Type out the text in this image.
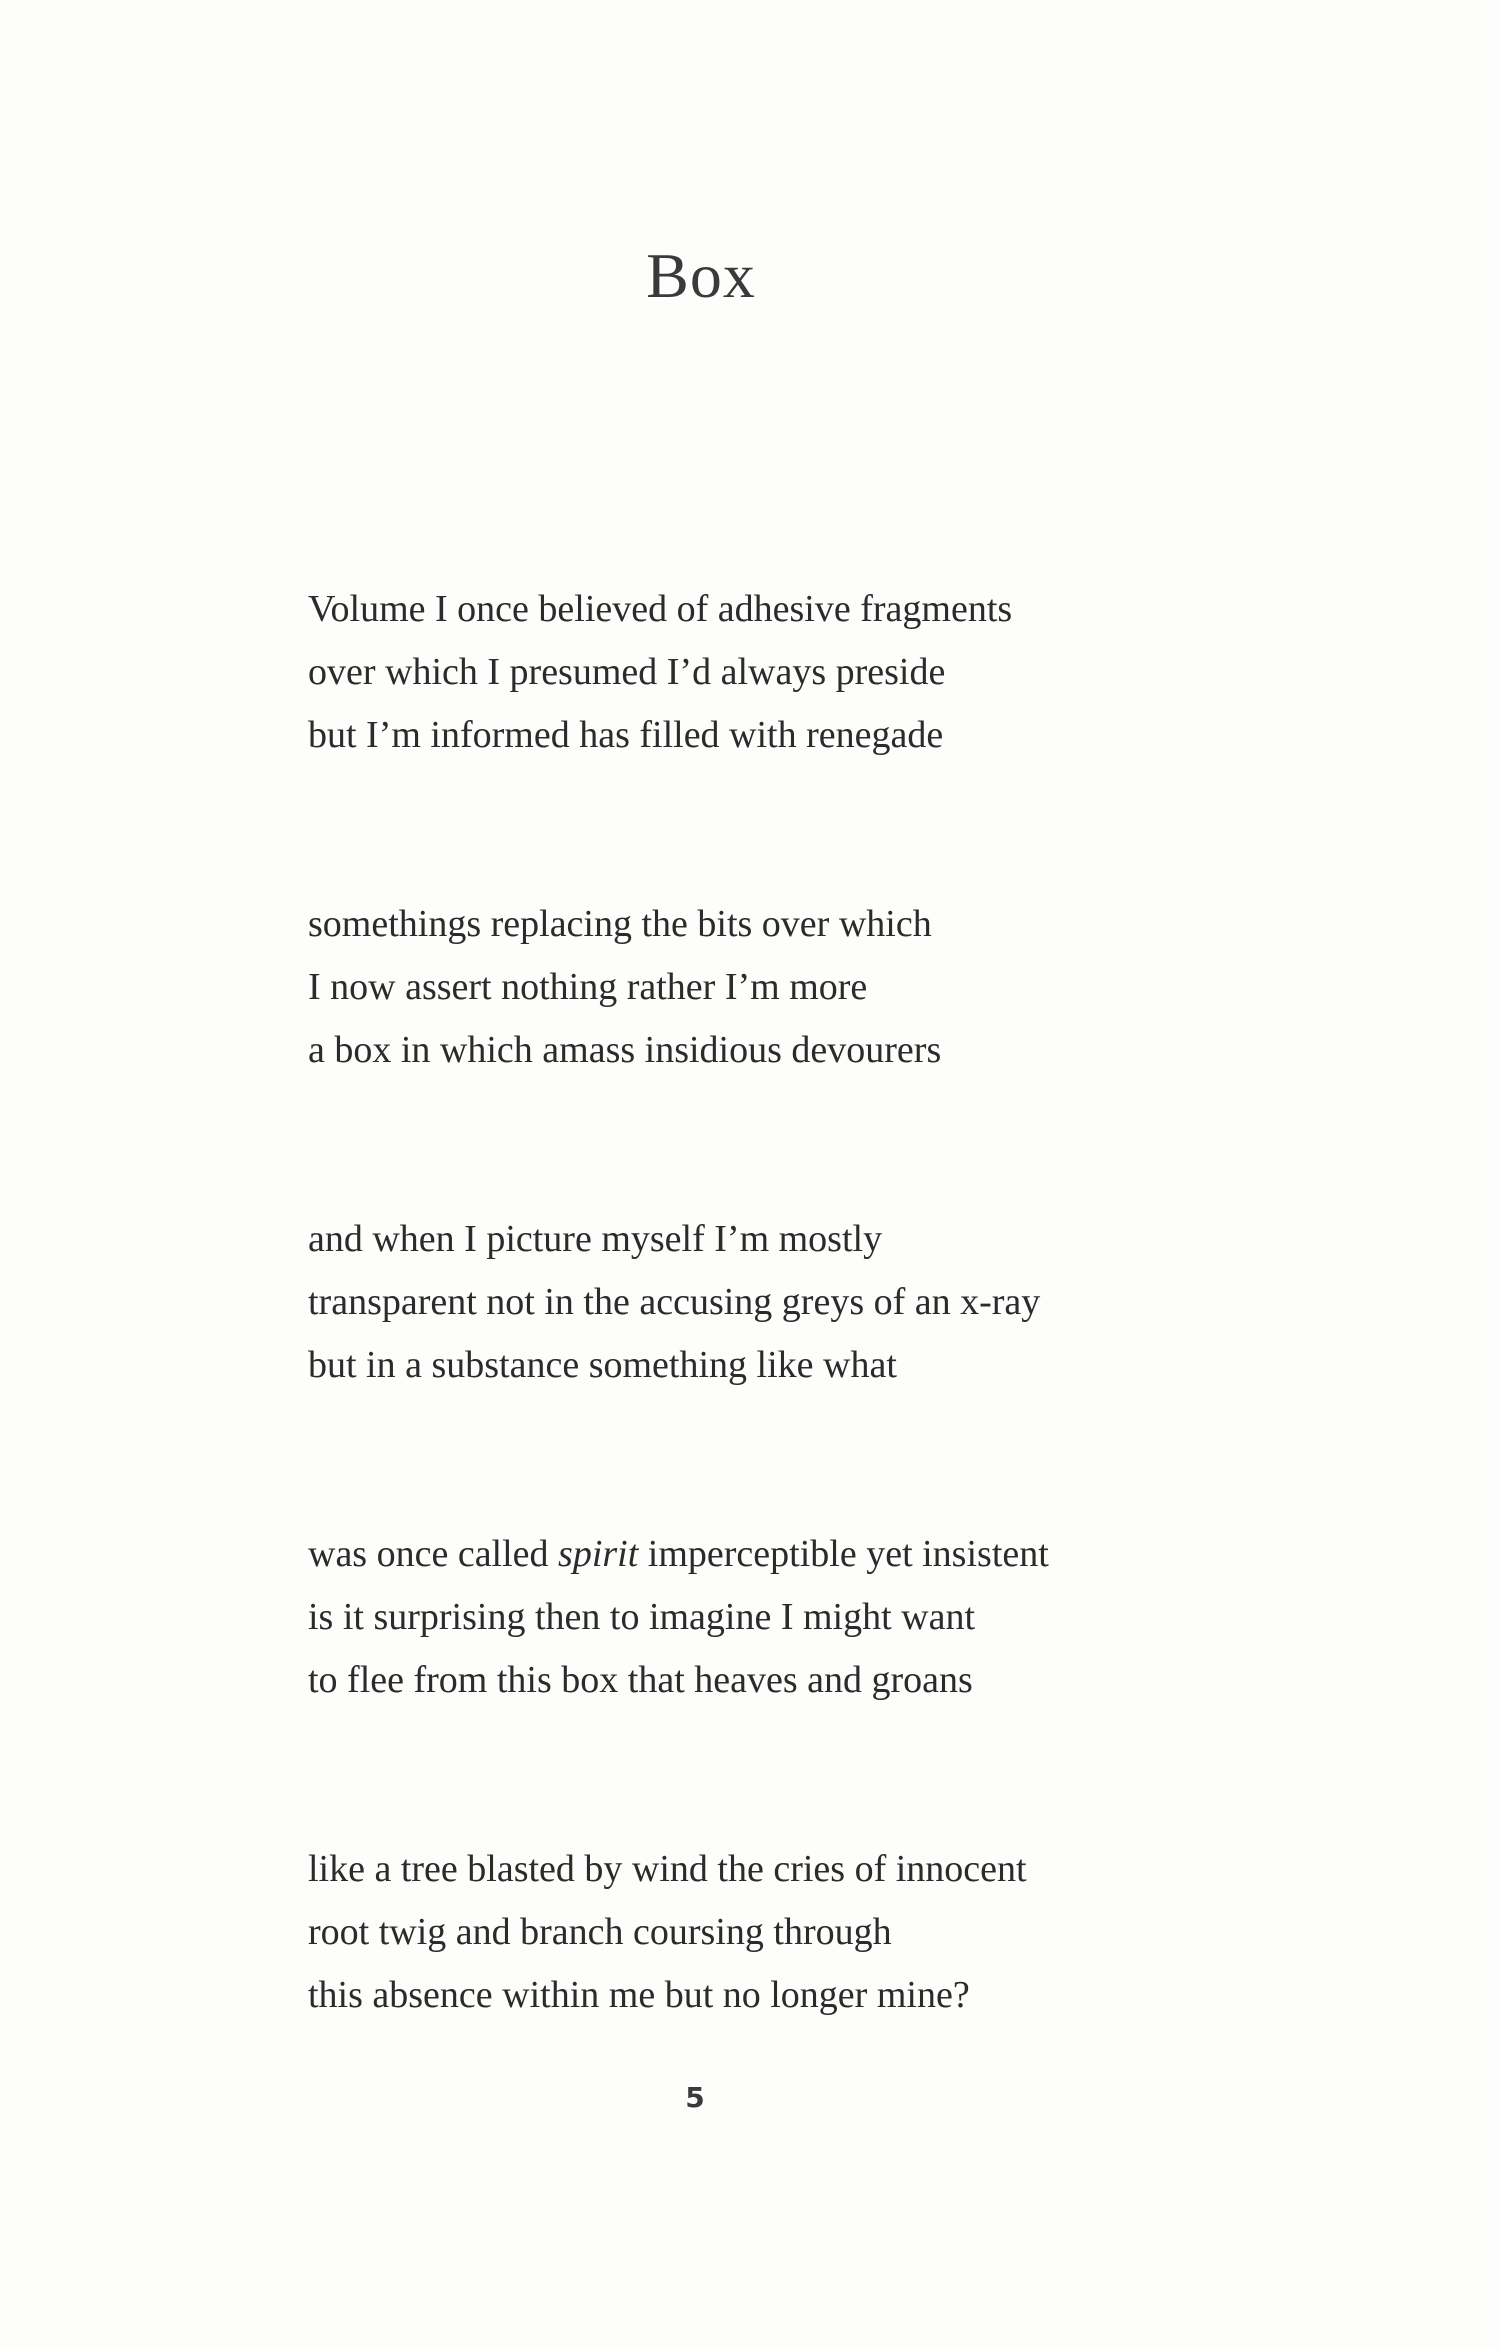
Box
Volume I once believed of adhesive fragments
over which I presumed I’d always preside
but I’m informed has filled with renegade
somethings replacing the bits over which
I now assert nothing rather I’m more
a box in which amass insidious devourers
and when I picture myself I’m mostly
transparent not in the accusing greys of an x-ray
but in a substance something like what
was once called spirit imperceptible yet insistent
is it surprising then to imagine I might want
to flee from this box that heaves and groans
like a tree blasted by wind the cries of innocent
root twig and branch coursing through
this absence within me but no longer mine?
5
